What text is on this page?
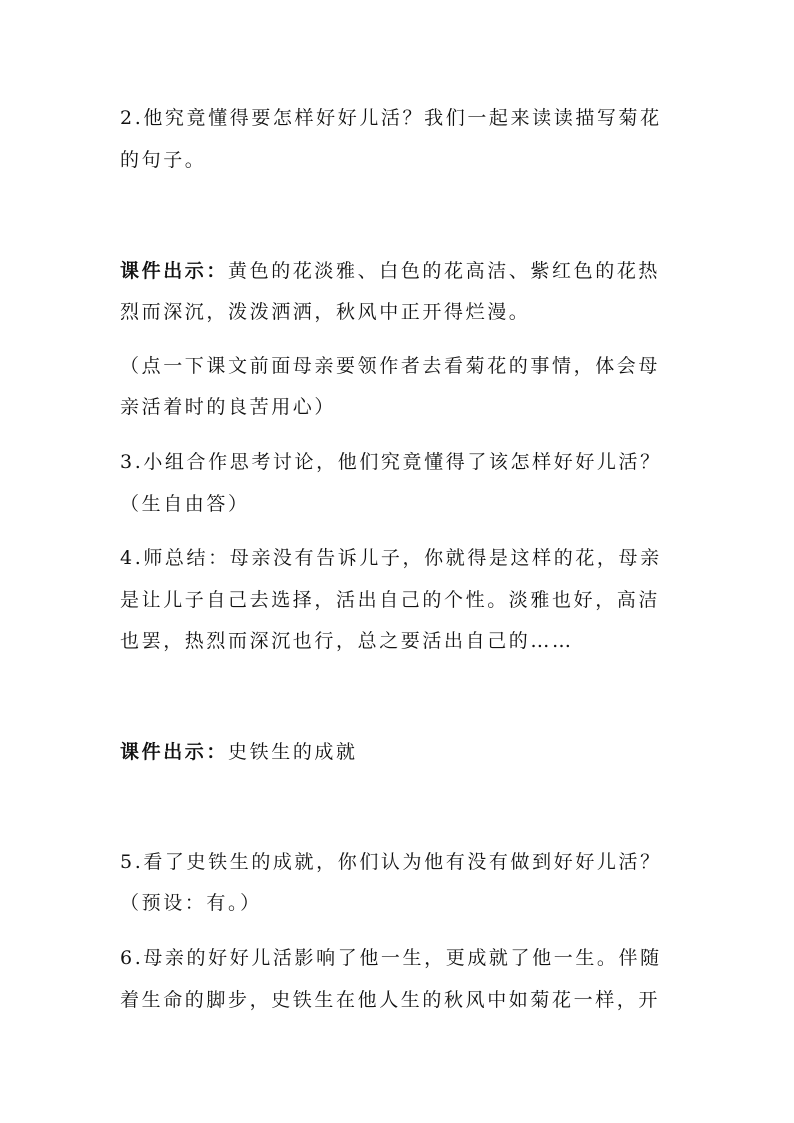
2.他究竟懂得要怎样好好儿活？我们一起来读读描写菊花
的句子。
课件出示：黄色的花淡雅、白色的花高洁、紫红色的花热
烈而深沉，泼泼洒洒，秋风中正开得烂漫。
（点一下课文前面母亲要领作者去看菊花的事情，体会母
亲活着时的良苦用心）
3.小组合作思考讨论，他们究竟懂得了该怎样好好儿活？
（生自由答）
4.师总结：母亲没有告诉儿子，你就得是这样的花，母亲
是让儿子自己去选择，活出自己的个性。淡雅也好，高洁
也罢，热烈而深沉也行，总之要活出自己的……
课件出示：史铁生的成就
5.看了史铁生的成就，你们认为他有没有做到好好儿活？
（预设：有。）
6.母亲的好好儿活影响了他一生，更成就了他一生。伴随
着生命的脚步，史铁生在他人生的秋风中如菊花一样，开
